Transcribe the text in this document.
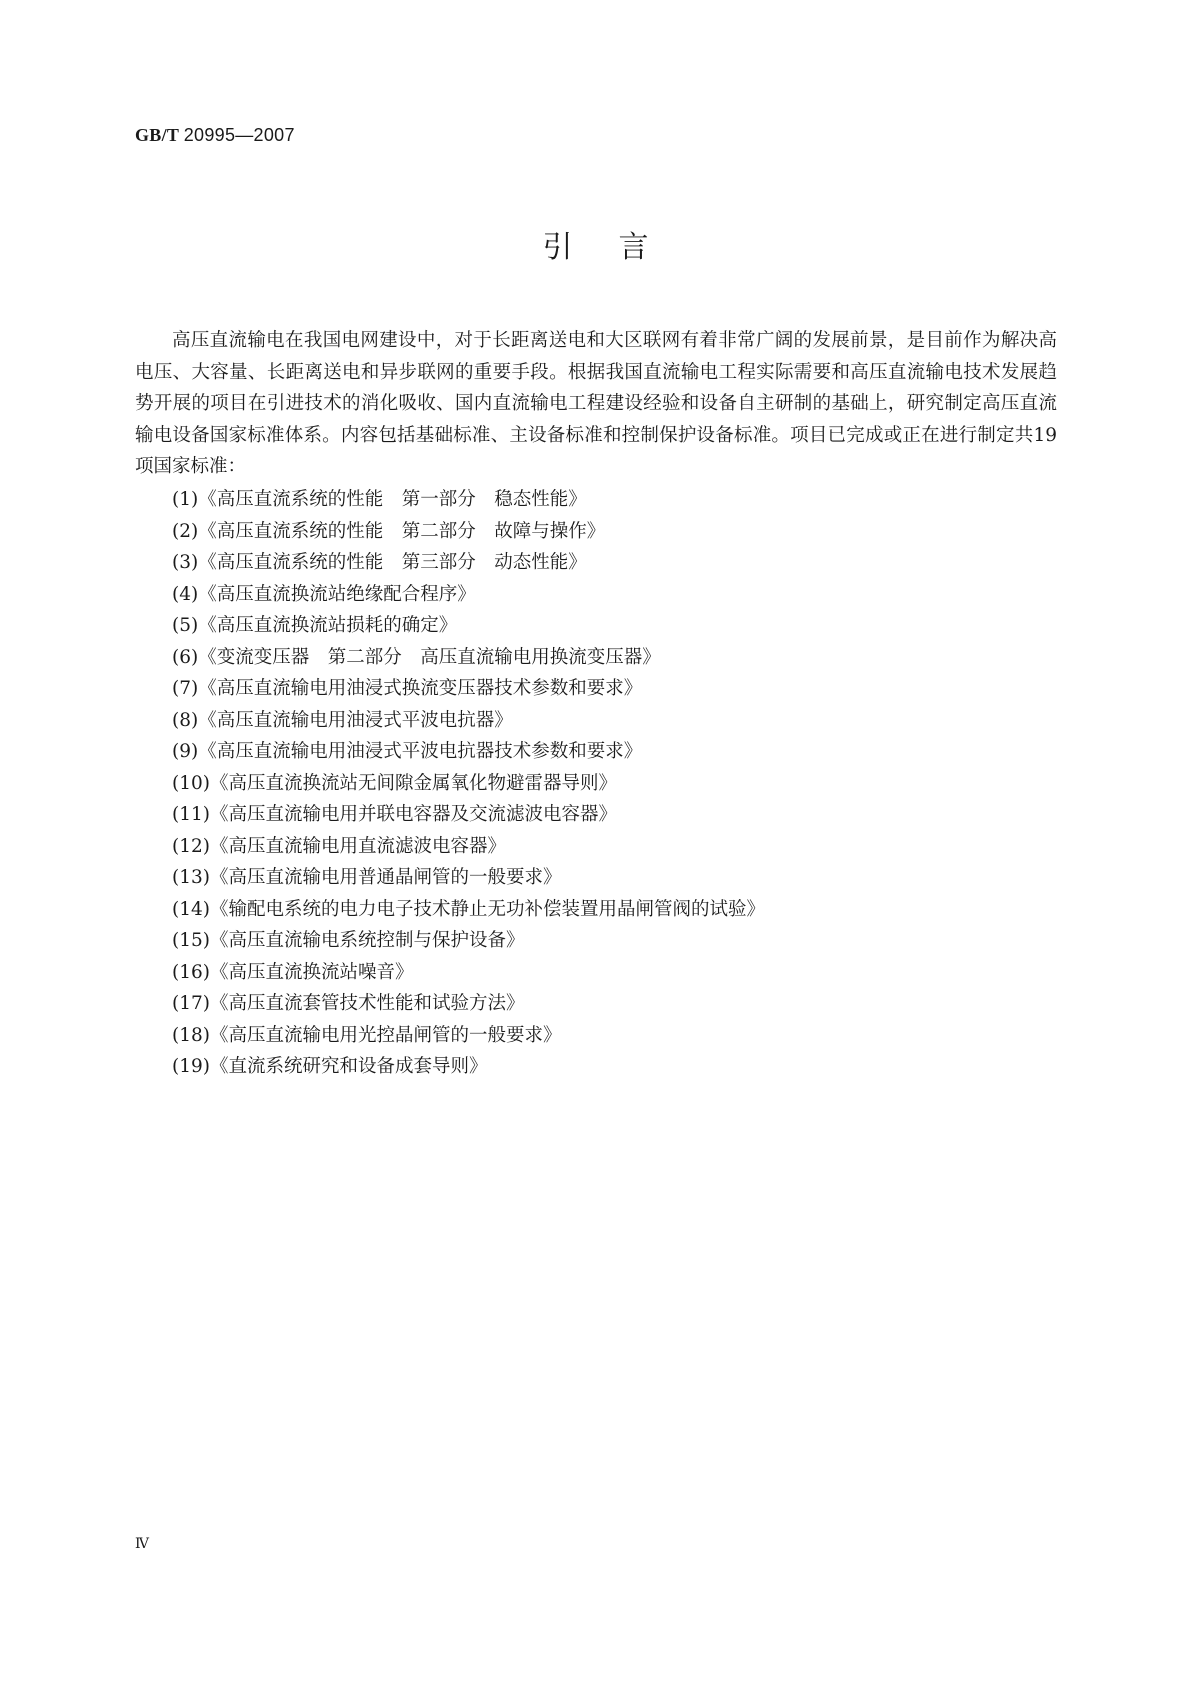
GB/T 20995—2007
引言

高压直流输电在我国电网建设中，对于长距离送电和大区联网有着非常广阔的发展前景，是目前作为解决高电压、大容量、长距离送电和异步联网的重要手段。根据我国直流输电工程实际需要和高压直流输电技术发展趋势开展的项目在引进技术的消化吸收、国内直流输电工程建设经验和设备自主研制的基础上，研究制定高压直流输电设备国家标准体系。内容包括基础标准、主设备标准和控制保护设备标准。项目已完成或正在进行制定共19项国家标准：

(1)《高压直流系统的性能　第一部分　稳态性能》
(2)《高压直流系统的性能　第二部分　故障与操作》
(3)《高压直流系统的性能　第三部分　动态性能》
(4)《高压直流换流站绝缘配合程序》
(5)《高压直流换流站损耗的确定》
(6)《变流变压器　第二部分　高压直流输电用换流变压器》
(7)《高压直流输电用油浸式换流变压器技术参数和要求》
(8)《高压直流输电用油浸式平波电抗器》
(9)《高压直流输电用油浸式平波电抗器技术参数和要求》
(10)《高压直流换流站无间隙金属氧化物避雷器导则》
(11)《高压直流输电用并联电容器及交流滤波电容器》
(12)《高压直流输电用直流滤波电容器》
(13)《高压直流输电用普通晶闸管的一般要求》
(14)《输配电系统的电力电子技术静止无功补偿装置用晶闸管阀的试验》
(15)《高压直流输电系统控制与保护设备》
(16)《高压直流换流站噪音》
(17)《高压直流套管技术性能和试验方法》
(18)《高压直流输电用光控晶闸管的一般要求》
(19)《直流系统研究和设备成套导则》
Ⅳ
